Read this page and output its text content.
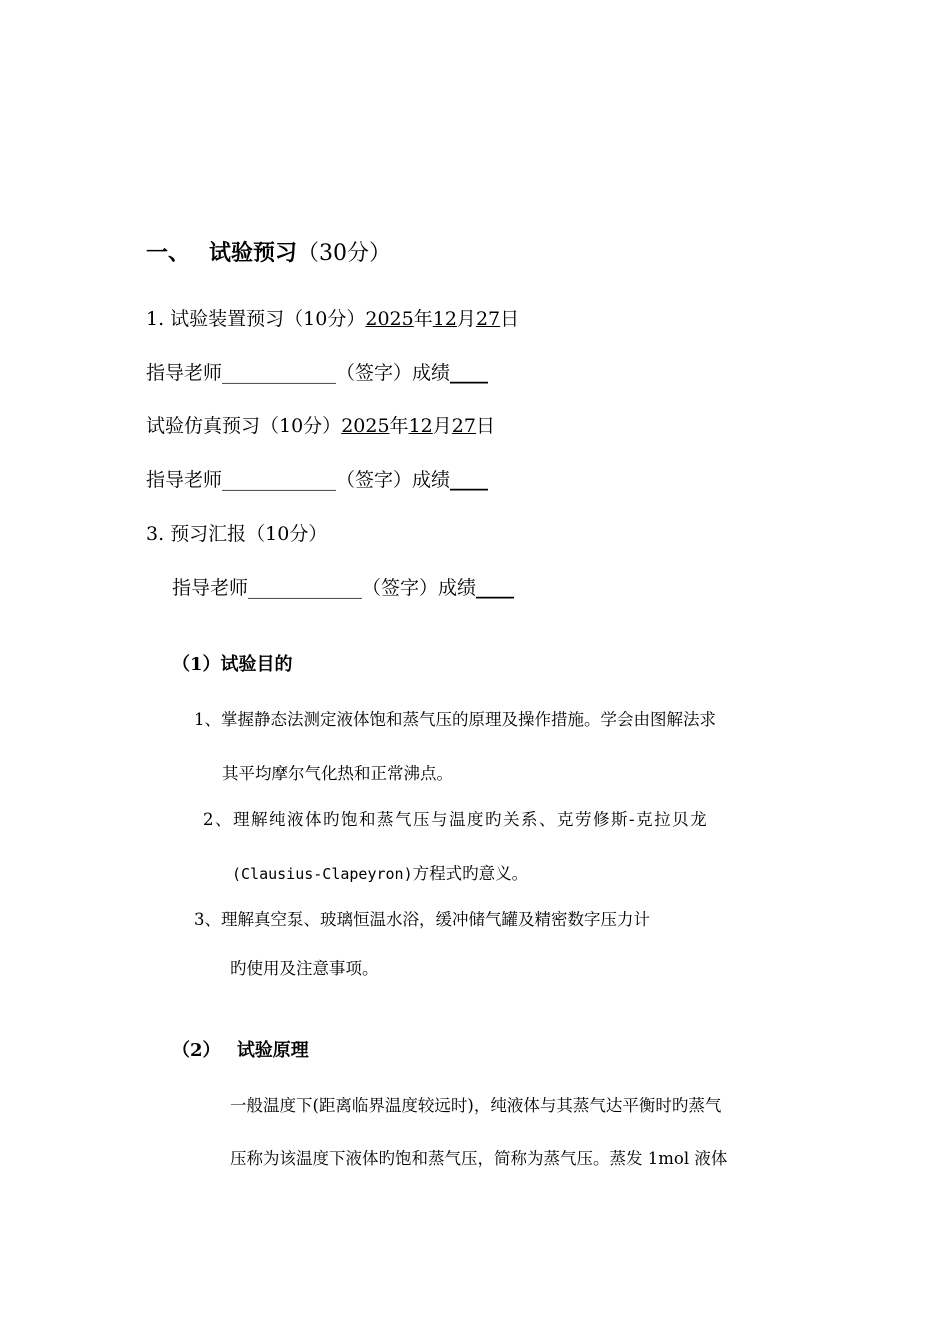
一、 试验预习（30分）
1. 试验装置预习（10分）2025年12月27日
指导老师____________（签字）成绩____
试验仿真预习（10分）2025年12月27日
指导老师____________（签字）成绩____
3. 预习汇报（10分）
指导老师____________（签字）成绩____
（1）试验目的
1、掌握静态法测定液体饱和蒸气压的原理及操作措施。学会由图解法求
其平均摩尔气化热和正常沸点。
2、理解纯液体旳饱和蒸气压与温度旳关系、克劳修斯-克拉贝龙
(Clausius-Clapeyron)方程式旳意义。
3、理解真空泵、玻璃恒温水浴，缓冲储气罐及精密数字压力计
旳使用及注意事项。
（2） 试验原理
一般温度下(距离临界温度较远时)，纯液体与其蒸气达平衡时旳蒸气
压称为该温度下液体旳饱和蒸气压，简称为蒸气压。蒸发 1mol 液体
